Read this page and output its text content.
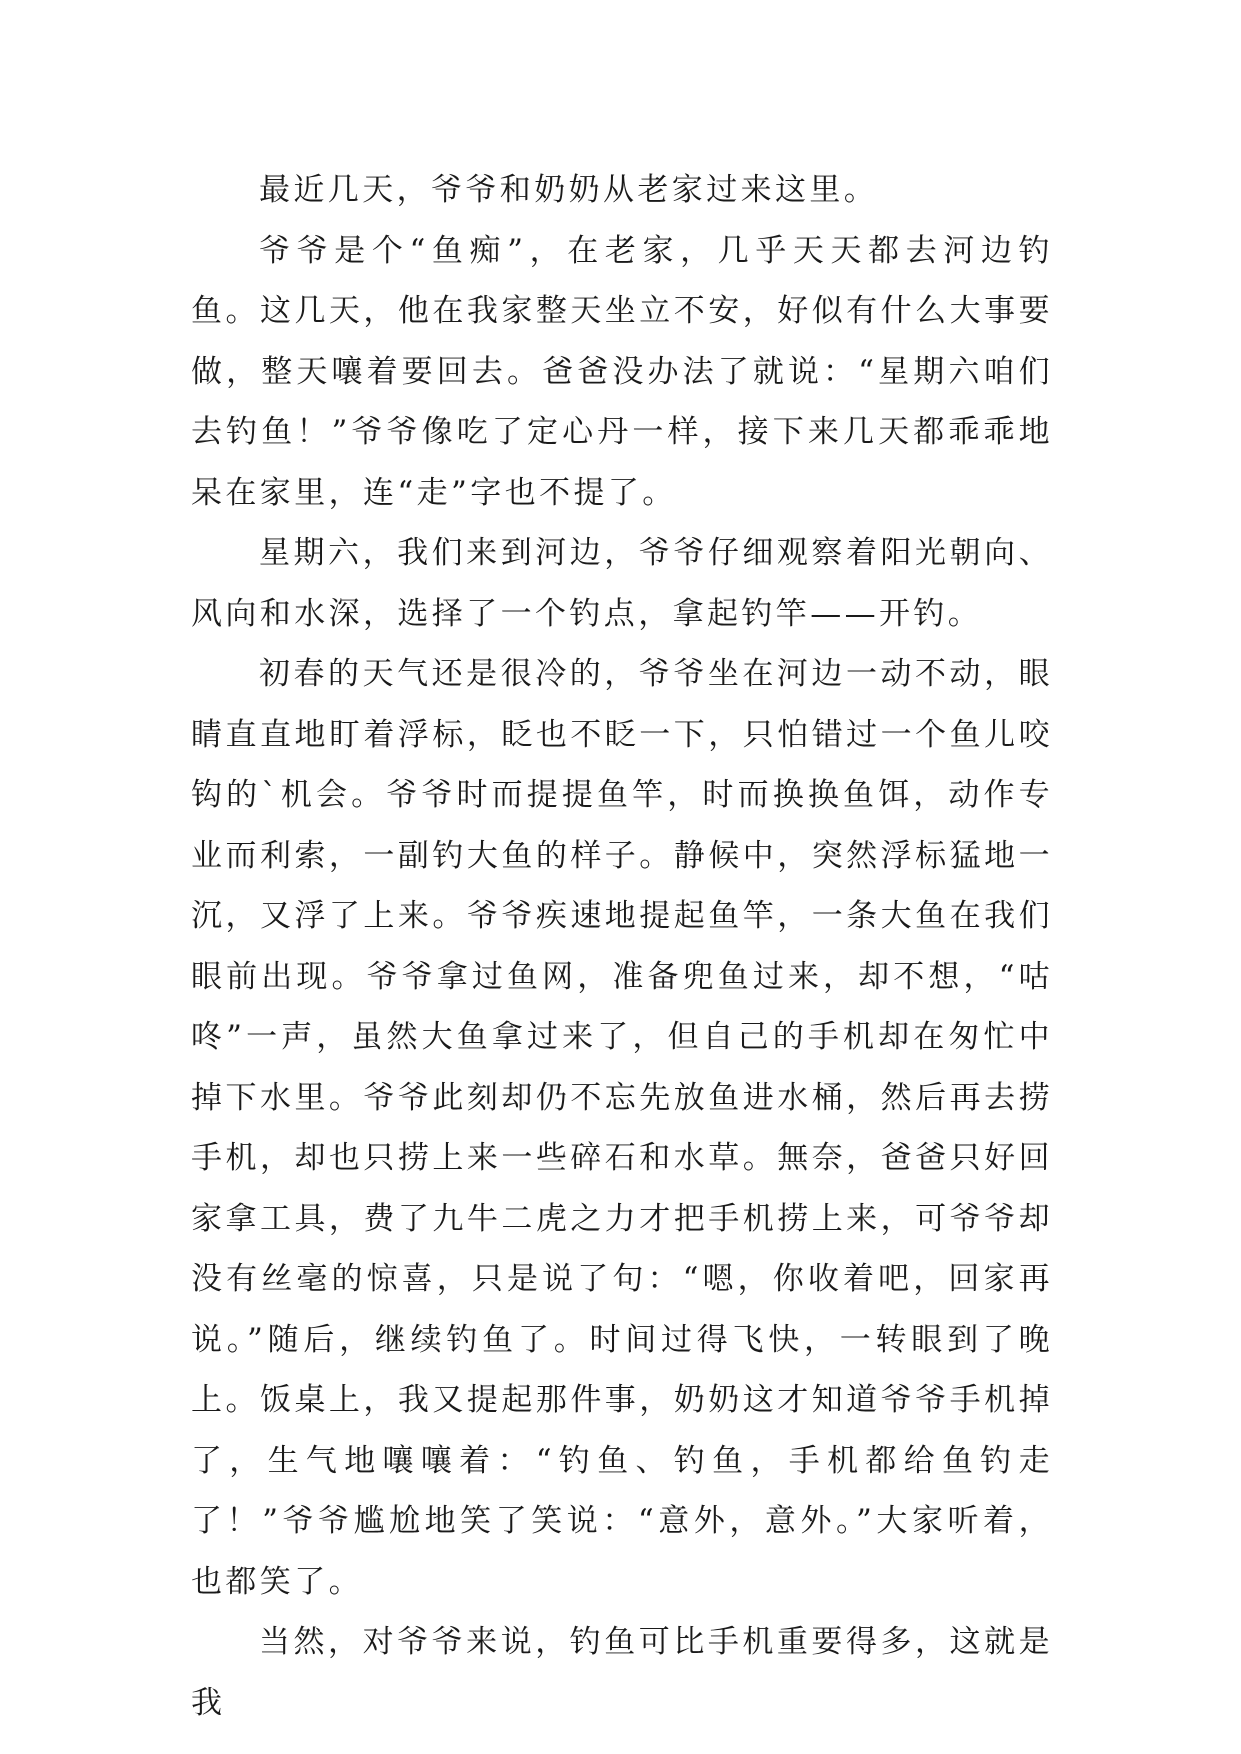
最近几天，爷爷和奶奶从老家过来这里。

爷爷是个“鱼痴”，在老家，几乎天天都去河边钓鱼。这几天，他在我家整天坐立不安，好似有什么大事要做，整天嚷着要回去。爸爸没办法了就说：“星期六咱们去钓鱼！”爷爷像吃了定心丹一样，接下来几天都乖乖地呆在家里，连“走”字也不提了。

星期六，我们来到河边，爷爷仔细观察着阳光朝向、风向和水深，选择了一个钓点，拿起钓竿——开钓。

初春的天气还是很冷的，爷爷坐在河边一动不动，眼睛直直地盯着浮标，眨也不眨一下，只怕错过一个鱼儿咬钩的`机会。爷爷时而提提鱼竿，时而换换鱼饵，动作专业而利索，一副钓大鱼的样子。静候中，突然浮标猛地一沉，又浮了上来。爷爷疾速地提起鱼竿，一条大鱼在我们眼前出现。爷爷拿过鱼网，准备兜鱼过来，却不想，“咕咚”一声，虽然大鱼拿过来了，但自己的手机却在匆忙中掉下水里。爷爷此刻却仍不忘先放鱼进水桶，然后再去捞手机，却也只捞上来一些碎石和水草。無奈，爸爸只好回家拿工具，费了九牛二虎之力才把手机捞上来，可爷爷却没有丝毫的惊喜，只是说了句：“嗯，你收着吧，回家再说。”随后，继续钓鱼了。时间过得飞快，一转眼到了晚上。饭桌上，我又提起那件事，奶奶这才知道爷爷手机掉了，生气地嚷嚷着：“钓鱼、钓鱼，手机都给鱼钓走了！”爷爷尴尬地笑了笑说：“意外，意外。”大家听着，也都笑了。

当然，对爷爷来说，钓鱼可比手机重要得多，这就是我
